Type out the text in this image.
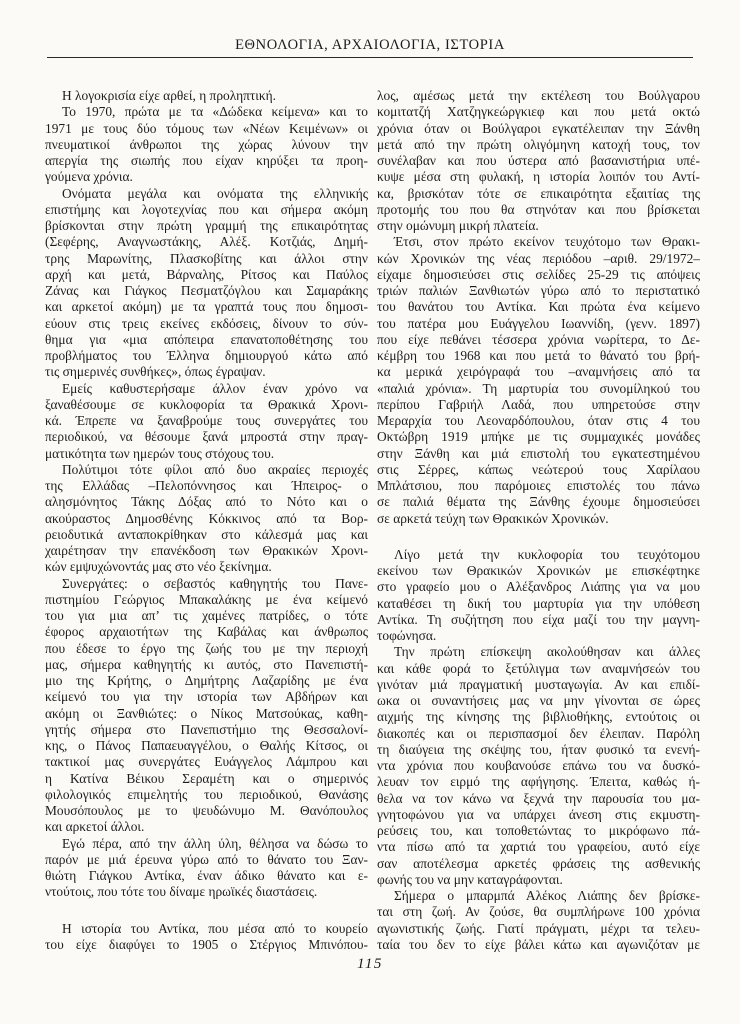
ΕΘΝΟΛΟΓΙΑ, ΑΡΧΑΙΟΛΟΓΙΑ, ΙΣΤΟΡΙΑ
Η λογοκρισία είχε αρθεί, η προληπτική.
Το 1970, πρώτα με τα «Δώδεκα κείμενα» και το
1971 με τους δύο τόμους των «Νέων Κειμένων» οι
πνευματικοί άνθρωποι της χώρας λύνουν την
απεργία της σιωπής που είχαν κηρύξει τα προη-
γούμενα χρόνια.
Ονόματα μεγάλα και ονόματα της ελληνικής
επιστήμης και λογοτεχνίας που και σήμερα ακόμη
βρίσκονται στην πρώτη γραμμή της επικαιρότητας
(Σεφέρης, Αναγνωστάκης, Αλέξ. Κοτζιάς, Δημή-
τρης Μαρωνίτης, Πλασκοβίτης και άλλοι στην
αρχή και μετά, Βάρναλης, Ρίτσος και Παύλος
Ζάνας και Γιάγκος Πεσματζόγλου και Σαμαράκης
και αρκετοί ακόμη) με τα γραπτά τους που δημοσι-
εύουν στις τρεις εκείνες εκδόσεις, δίνουν το σύν-
θημα για «μια απόπειρα επανατοποθέτησης του
προβλήματος του Έλληνα δημιουργού κάτω από
τις σημερινές συνθήκες», όπως έγραψαν.
Εμείς καθυστερήσαμε άλλον έναν χρόνο να
ξαναθέσουμε σε κυκλοφορία τα Θρακικά Χρονι-
κά. Έπρεπε να ξαναβρούμε τους συνεργάτες του
περιοδικού, να θέσουμε ξανά μπροστά στην πραγ-
ματικότητα των ημερών τους στόχους του.
Πολύτιμοι τότε φίλοι από δυο ακραίες περιοχές
της Ελλάδας –Πελοπόννησος και Ήπειρος- ο
αλησμόνητος Τάκης Δόξας από το Νότο και ο
ακούραστος Δημοσθένης Κόκκινος από τα Βορ-
ρειοδυτικά ανταποκρίθηκαν στο κάλεσμά μας και
χαιρέτησαν την επανέκδοση των Θρακικών Χρονι-
κών εμψυχώνοντάς μας στο νέο ξεκίνημα.
Συνεργάτες: ο σεβαστός καθηγητής του Πανε-
πιστημίου Γεώργιος Μπακαλάκης με ένα κείμενό
του για μια απ’ τις χαμένες πατρίδες, ο τότε
έφορος αρχαιοτήτων της Καβάλας και άνθρωπος
που έδεσε το έργο της ζωής του με την περιοχή
μας, σήμερα καθηγητής κι αυτός, στο Πανεπιστή-
μιο της Κρήτης, ο Δημήτρης Λαζαρίδης με ένα
κείμενό του για την ιστορία των Αβδήρων και
ακόμη οι Ξανθιώτες: ο Νίκος Ματσούκας, καθη-
γητής σήμερα στο Πανεπιστήμιο της Θεσσαλονί-
κης, ο Πάνος Παπαευαγγέλου, ο Θαλής Κίτσος, οι
τακτικοί μας συνεργάτες Ευάγγελος Λάμπρου και
η Κατίνα Βέικου Σεραμέτη και ο σημερινός
φιλολογικός επιμελητής του περιοδικού, Θανάσης
Μουσόπουλος με το ψευδώνυμο Μ. Θανόπουλος
και αρκετοί άλλοι.
Εγώ πέρα, από την άλλη ύλη, θέλησα να δώσω το
παρόν με μιά έρευνα γύρω από το θάνατο του Ξαν-
θιώτη Γιάγκου Αντίκα, έναν άδικο θάνατο και ε-
ντούτοις, που τότε του δίναμε ηρωϊκές διαστάσεις.
Η ιστορία του Αντίκα, που μέσα από το κουρείο
του είχε διαφύγει το 1905 ο Στέργιος Μπινόπου-
λος, αμέσως μετά την εκτέλεση του Βούλγαρου
κομιτατζή Χατζηγκεώργκιεφ και που μετά οκτώ
χρόνια όταν οι Βούλγαροι εγκατέλειπαν την Ξάνθη
μετά από την πρώτη ολιγόμηνη κατοχή τους, τον
συνέλαβαν και που ύστερα από βασανιστήρια υπέ-
κυψε μέσα στη φυλακή, η ιστορία λοιπόν του Αντί-
κα, βρισκόταν τότε σε επικαιρότητα εξαιτίας της
προτομής του που θα στηνόταν και που βρίσκεται
στην ομώνυμη μικρή πλατεία.
Έτσι, στον πρώτο εκείνον τευχότομο των Θρακι-
κών Χρονικών της νέας περιόδου –αριθ. 29/1972–
είχαμε δημοσιεύσει στις σελίδες 25-29 τις απόψεις
τριών παλιών Ξανθιωτών γύρω από το περιστατικό
του θανάτου του Αντίκα. Και πρώτα ένα κείμενο
του πατέρα μου Ευάγγελου Ιωαννίδη, (γενν. 1897)
που είχε πεθάνει τέσσερα χρόνια νωρίτερα, το Δε-
κέμβρη του 1968 και που μετά το θάνατό του βρή-
κα μερικά χειρόγραφά του –αναμνήσεις από τα
«παλιά χρόνια». Τη μαρτυρία του συνομίληκού του
περίπου Γαβριήλ Λαδά, που υπηρετούσε στην
Μεραρχία του Λεοναρδόπουλου, όταν στις 4 του
Οκτώβρη 1919 μπήκε με τις συμμαχικές μονάδες
στην Ξάνθη και μιά επιστολή του εγκατεστημένου
στις Σέρρες, κάπως νεώτερού τους Χαρίλαου
Μπλάτσιου, που παρόμοιες επιστολές του πάνω
σε παλιά θέματα της Ξάνθης έχουμε δημοσιεύσει
σε αρκετά τεύχη των Θρακικών Χρονικών.
Λίγο μετά την κυκλοφορία του τευχότομου
εκείνου των Θρακικών Χρονικών με επισκέφτηκε
στο γραφείο μου ο Αλέξανδρος Λιάπης για να μου
καταθέσει τη δική του μαρτυρία για την υπόθεση
Αντίκα. Τη συζήτηση που είχα μαζί του την μαγνη-
τοφώνησα.
Την πρώτη επίσκεψη ακολούθησαν και άλλες
και κάθε φορά το ξετύλιγμα των αναμνήσεών του
γινόταν μιά πραγματική μυσταγωγία. Αν και επιδί-
ωκα οι συναντήσεις μας να μην γίνονται σε ώρες
αιχμής της κίνησης της βιβλιοθήκης, εντούτοις οι
διακοπές και οι περισπασμοί δεν έλειπαν. Παρόλη
τη διαύγεια της σκέψης του, ήταν φυσικό τα ενενή-
ντα χρόνια που κουβανούσε επάνω του να δυσκό-
λευαν τον ειρμό της αφήγησης. Έπειτα, καθώς ή-
θελα να τον κάνω να ξεχνά την παρουσία του μα-
γνητοφώνου για να υπάρχει άνεση στις εκμυστη-
ρεύσεις του, και τοποθετώντας το μικρόφωνο πά-
ντα πίσω από τα χαρτιά του γραφείου, αυτό είχε
σαν αποτέλεσμα αρκετές φράσεις της ασθενικής
φωνής του να μην καταγράφονται.
Σήμερα ο μπαρμπά Αλέκος Λιάπης δεν βρίσκε-
ται στη ζωή. Αν ζούσε, θα συμπλήρωνε 100 χρόνια
αγωνιστικής ζωής. Γιατί πράγματι, μέχρι τα τελευ-
ταία του δεν το είχε βάλει κάτω και αγωνιζόταν με
115
